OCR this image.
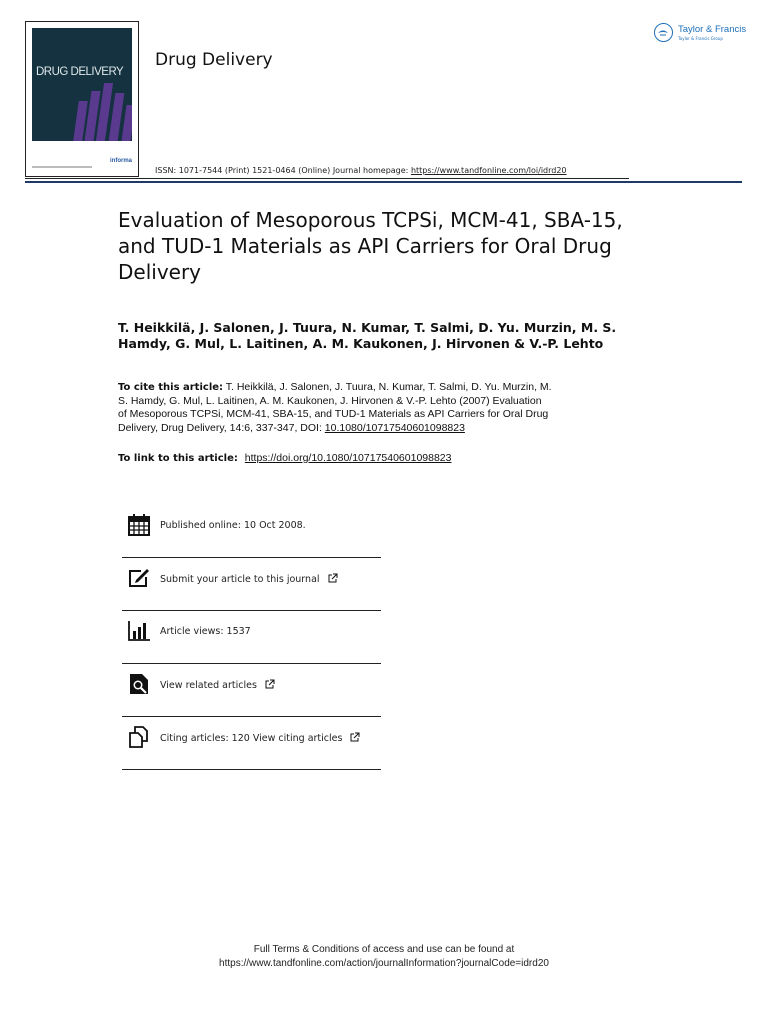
DRUG DELIVERY
informa
Drug Delivery
Taylor & Francis
Taylor & Francis Group
ISSN: 1071-7544 (Print) 1521-0464 (Online) Journal homepage: https://www.tandfonline.com/loi/idrd20
Evaluation of Mesoporous TCPSi, MCM-41, SBA-15,
and TUD-1 Materials as API Carriers for Oral Drug
Delivery
T. Heikkilä, J. Salonen, J. Tuura, N. Kumar, T. Salmi, D. Yu. Murzin, M. S.
Hamdy, G. Mul, L. Laitinen, A. M. Kaukonen, J. Hirvonen & V.-P. Lehto
To cite this article: T. Heikkilä, J. Salonen, J. Tuura, N. Kumar, T. Salmi, D. Yu. Murzin, M.
S. Hamdy, G. Mul, L. Laitinen, A. M. Kaukonen, J. Hirvonen & V.-P. Lehto (2007) Evaluation
of Mesoporous TCPSi, MCM-41, SBA-15, and TUD-1 Materials as API Carriers for Oral Drug
Delivery, Drug Delivery, 14:6, 337-347, DOI: 10.1080/10717540601098823
To link to this article: https://doi.org/10.1080/10717540601098823
Published online: 10 Oct 2008.
Submit your article to this journal
Article views: 1537
View related articles
Citing articles: 120 View citing articles
Full Terms & Conditions of access and use can be found at
https://www.tandfonline.com/action/journalInformation?journalCode=idrd20
